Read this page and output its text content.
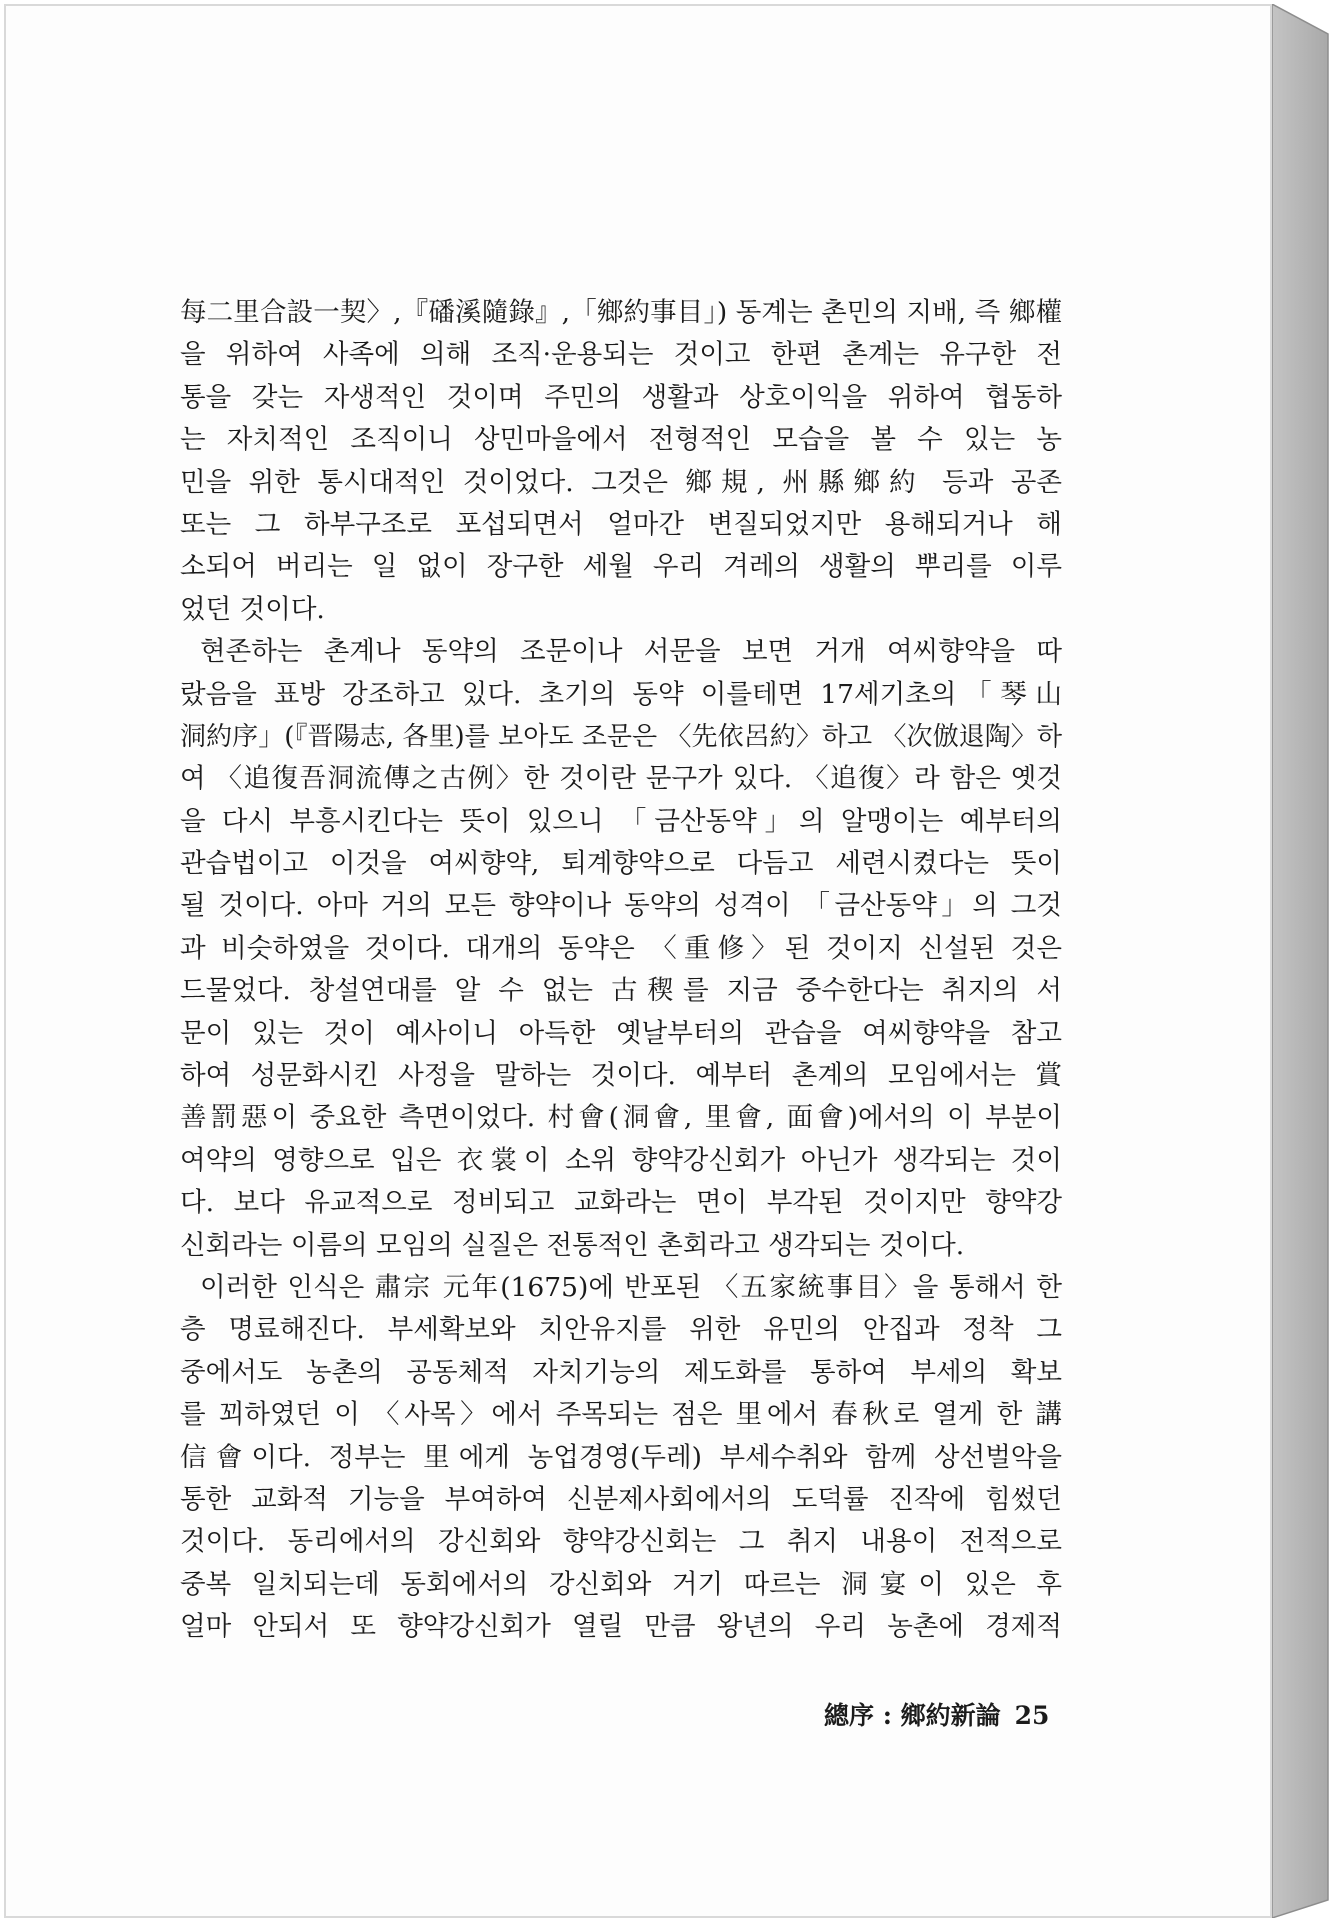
每二里合設一契〉,『磻溪隨錄』,「鄉約事目」) 동계는 촌민의 지배, 즉 鄉權
을 위하여 사족에 의해 조직·운용되는 것이고 한편 촌계는 유구한 전
통을 갖는 자생적인 것이며 주민의 생활과 상호이익을 위하여 협동하
는 자치적인 조직이니 상민마을에서 전형적인 모습을 볼 수 있는 농
민을 위한 통시대적인 것이었다. 그것은 鄉規, 州縣鄉約 등과 공존
또는 그 하부구조로 포섭되면서 얼마간 변질되었지만 용해되거나 해
소되어 버리는 일 없이 장구한 세월 우리 겨레의 생활의 뿌리를 이루
었던 것이다.
현존하는 촌계나 동약의 조문이나 서문을 보면 거개 여씨향약을 따
랐음을 표방 강조하고 있다. 초기의 동약 이를테면 17세기초의「琴山
洞約序」(『晋陽志, 各里)를 보아도 조문은 〈先依呂約〉하고 〈次倣退陶〉하
여 〈追復吾洞流傳之古例〉한 것이란 문구가 있다. 〈追復〉라 함은 옛것
을 다시 부흥시킨다는 뜻이 있으니 「금산동약」의 알맹이는 예부터의
관습법이고 이것을 여씨향약, 퇴계향약으로 다듬고 세련시켰다는 뜻이
될 것이다. 아마 거의 모든 향약이나 동약의 성격이 「금산동약」의 그것
과 비슷하였을 것이다. 대개의 동약은 〈重修〉된 것이지 신설된 것은
드물었다. 창설연대를 알 수 없는 古稧를 지금 중수한다는 취지의 서
문이 있는 것이 예사이니 아득한 옛날부터의 관습을 여씨향약을 참고
하여 성문화시킨 사정을 말하는 것이다. 예부터 촌계의 모임에서는 賞
善罰惡이 중요한 측면이었다. 村會(洞會, 里會, 面會)에서의 이 부분이
여약의 영향으로 입은 衣裳이 소위 향약강신회가 아닌가 생각되는 것이
다. 보다 유교적으로 정비되고 교화라는 면이 부각된 것이지만 향약강
신회라는 이름의 모임의 실질은 전통적인 촌회라고 생각되는 것이다.
이러한 인식은 肅宗 元年(1675)에 반포된 〈五家統事目〉을 통해서 한
층 명료해진다. 부세확보와 치안유지를 위한 유민의 안집과 정착 그
중에서도 농촌의 공동체적 자치기능의 제도화를 통하여 부세의 확보
를 꾀하였던 이 〈사목〉에서 주목되는 점은 里에서 春秋로 열게 한 講
信會이다. 정부는 里에게 농업경영(두레) 부세수취와 함께 상선벌악을
통한 교화적 기능을 부여하여 신분제사회에서의 도덕률 진작에 힘썼던
것이다. 동리에서의 강신회와 향약강신회는 그 취지 내용이 전적으로
중복 일치되는데 동회에서의 강신회와 거기 따르는 洞宴이 있은 후
얼마 안되서 또 향약강신회가 열릴 만큼 왕년의 우리 농촌에 경제적
總序 : 鄉約新論 25
